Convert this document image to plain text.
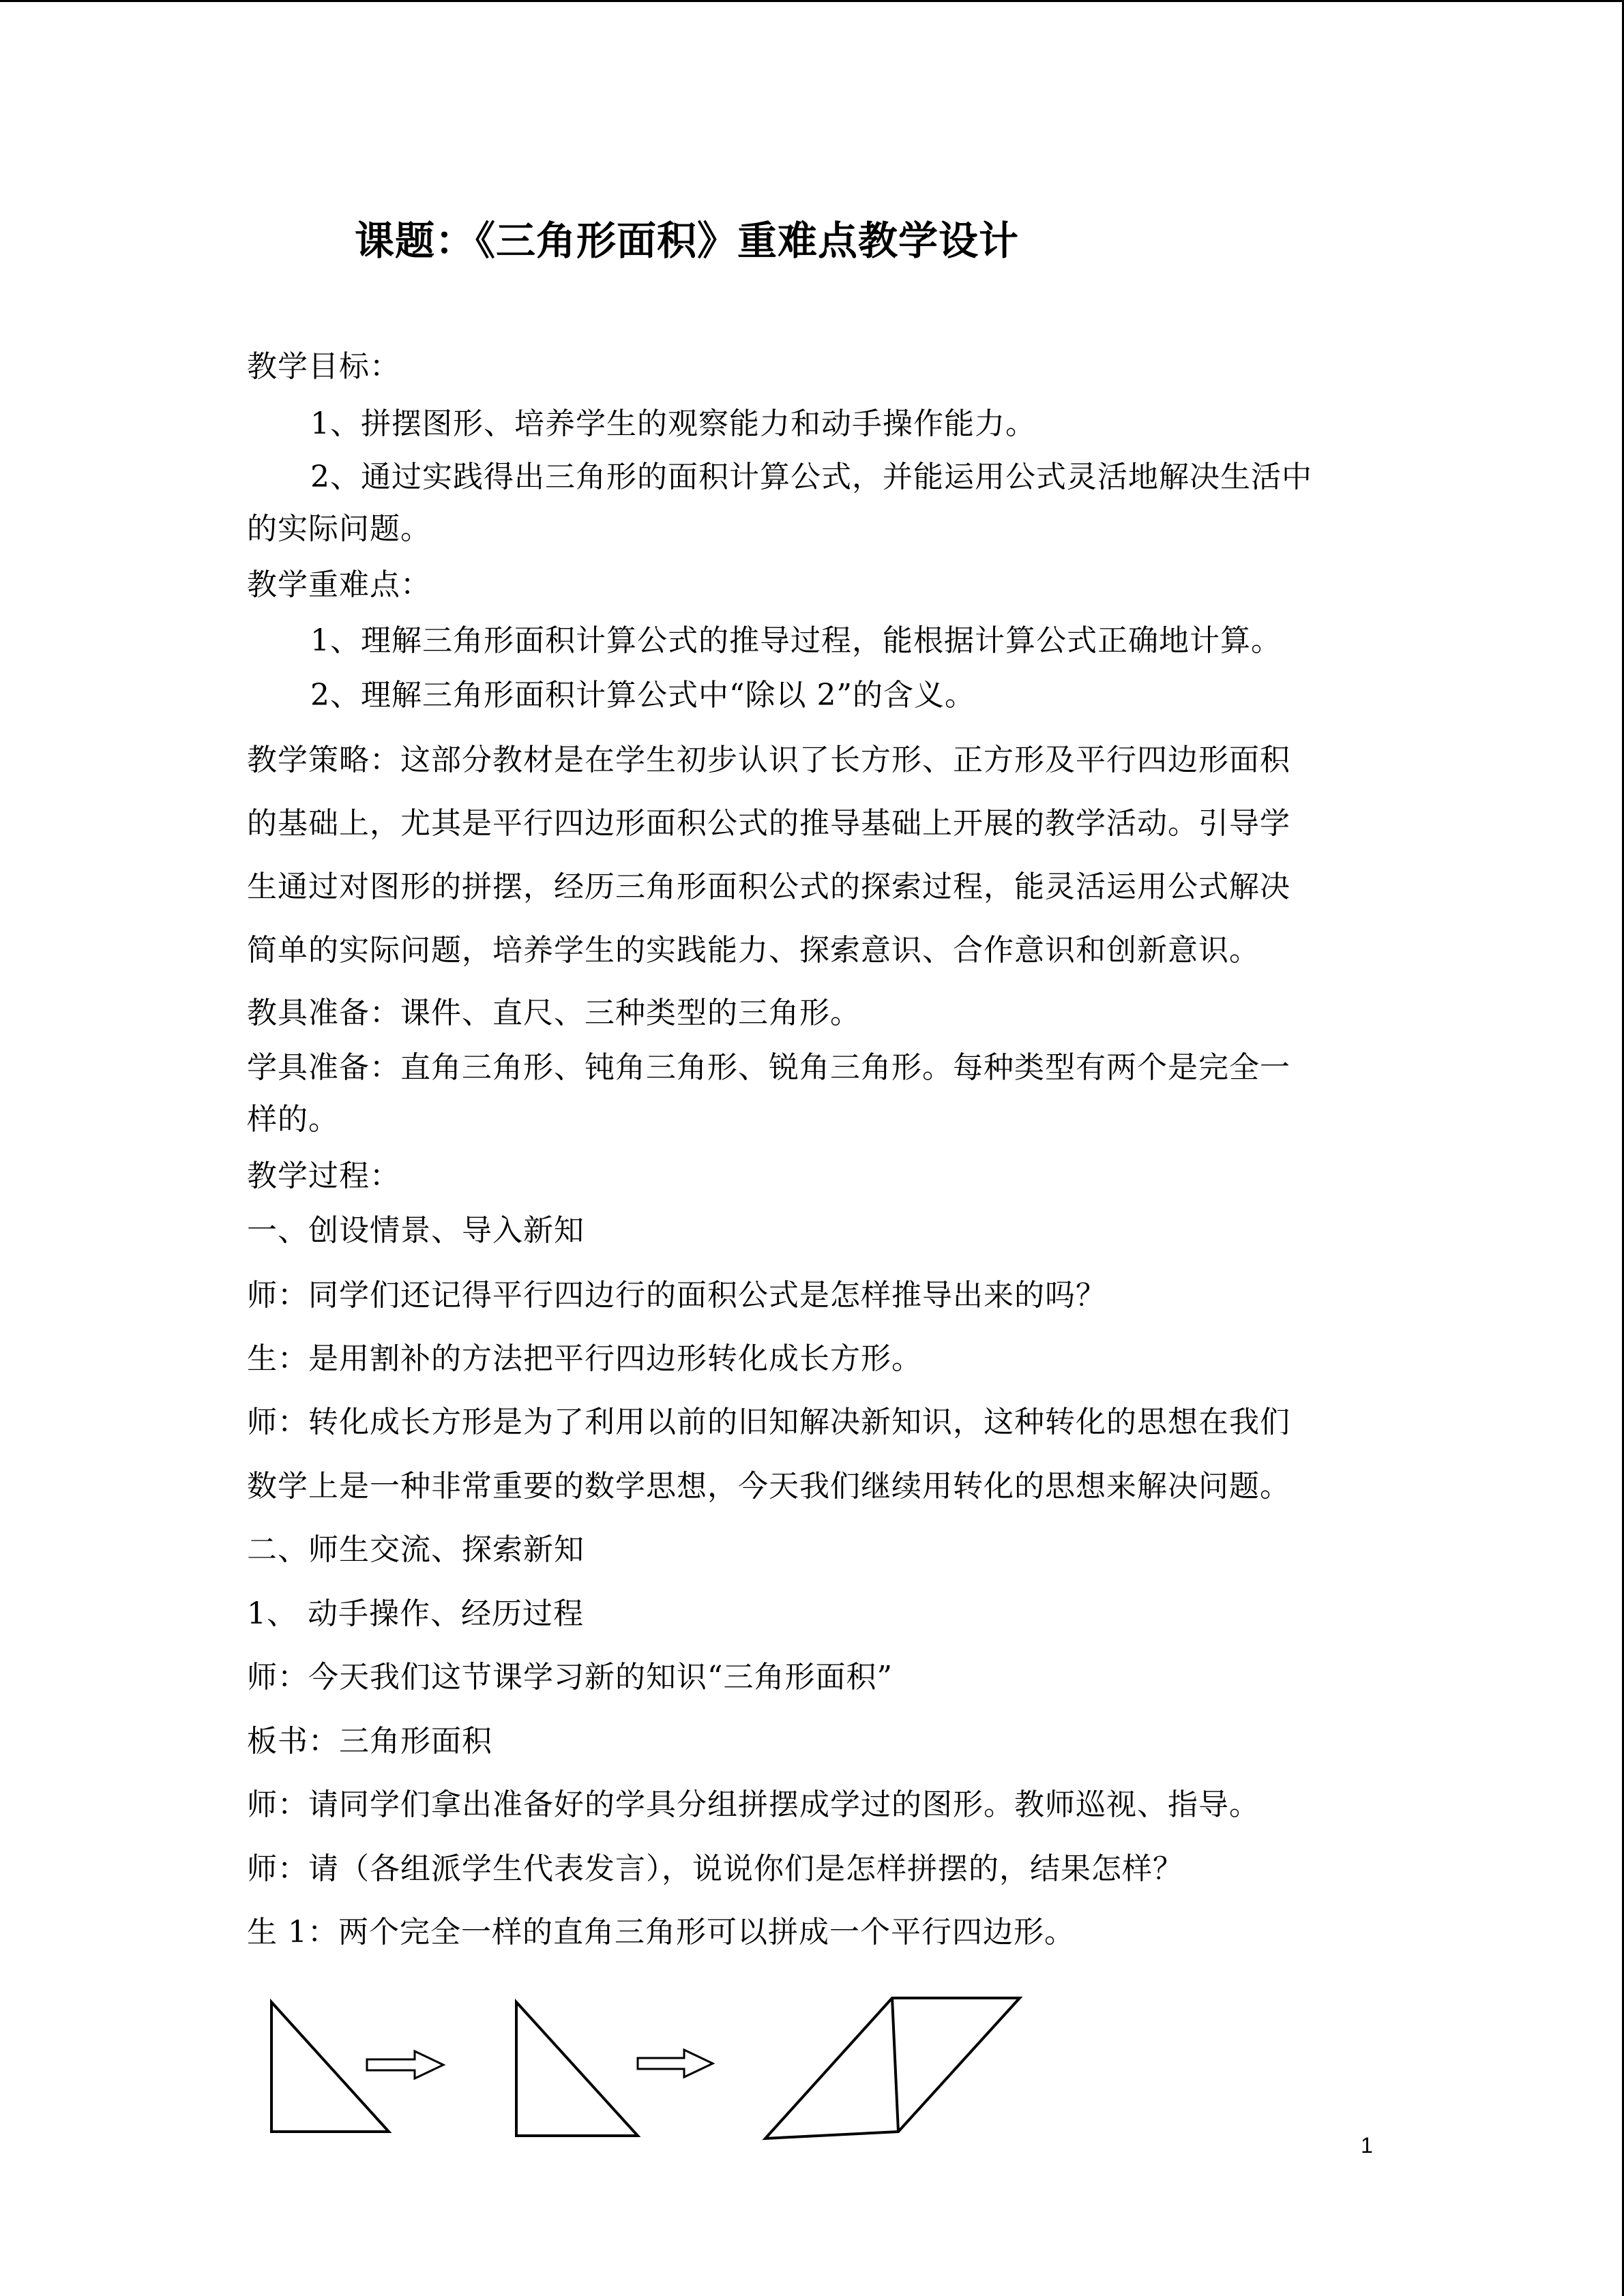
课题：《三角形面积》重难点教学设计
教学目标：
1、拼摆图形、培养学生的观察能力和动手操作能力。
2、通过实践得出三角形的面积计算公式，并能运用公式灵活地解决生活中
的实际问题。
教学重难点：
1、理解三角形面积计算公式的推导过程，能根据计算公式正确地计算。
2、理解三角形面积计算公式中“除以 2”的含义。
教学策略：这部分教材是在学生初步认识了长方形、正方形及平行四边形面积
的基础上，尤其是平行四边形面积公式的推导基础上开展的教学活动。引导学
生通过对图形的拼摆，经历三角形面积公式的探索过程，能灵活运用公式解决
简单的实际问题，培养学生的实践能力、探索意识、合作意识和创新意识。
教具准备：课件、直尺、三种类型的三角形。
学具准备：直角三角形、钝角三角形、锐角三角形。每种类型有两个是完全一
样的。
教学过程：
一、创设情景、导入新知
师：同学们还记得平行四边行的面积公式是怎样推导出来的吗？
生：是用割补的方法把平行四边形转化成长方形。
师：转化成长方形是为了利用以前的旧知解决新知识，这种转化的思想在我们
数学上是一种非常重要的数学思想，今天我们继续用转化的思想来解决问题。
二、师生交流、探索新知
1、 动手操作、经历过程
师：今天我们这节课学习新的知识“三角形面积”
板书：三角形面积
师：请同学们拿出准备好的学具分组拼摆成学过的图形。教师巡视、指导。
师：请（各组派学生代表发言），说说你们是怎样拼摆的，结果怎样？
生 1：两个完全一样的直角三角形可以拼成一个平行四边形。
1
